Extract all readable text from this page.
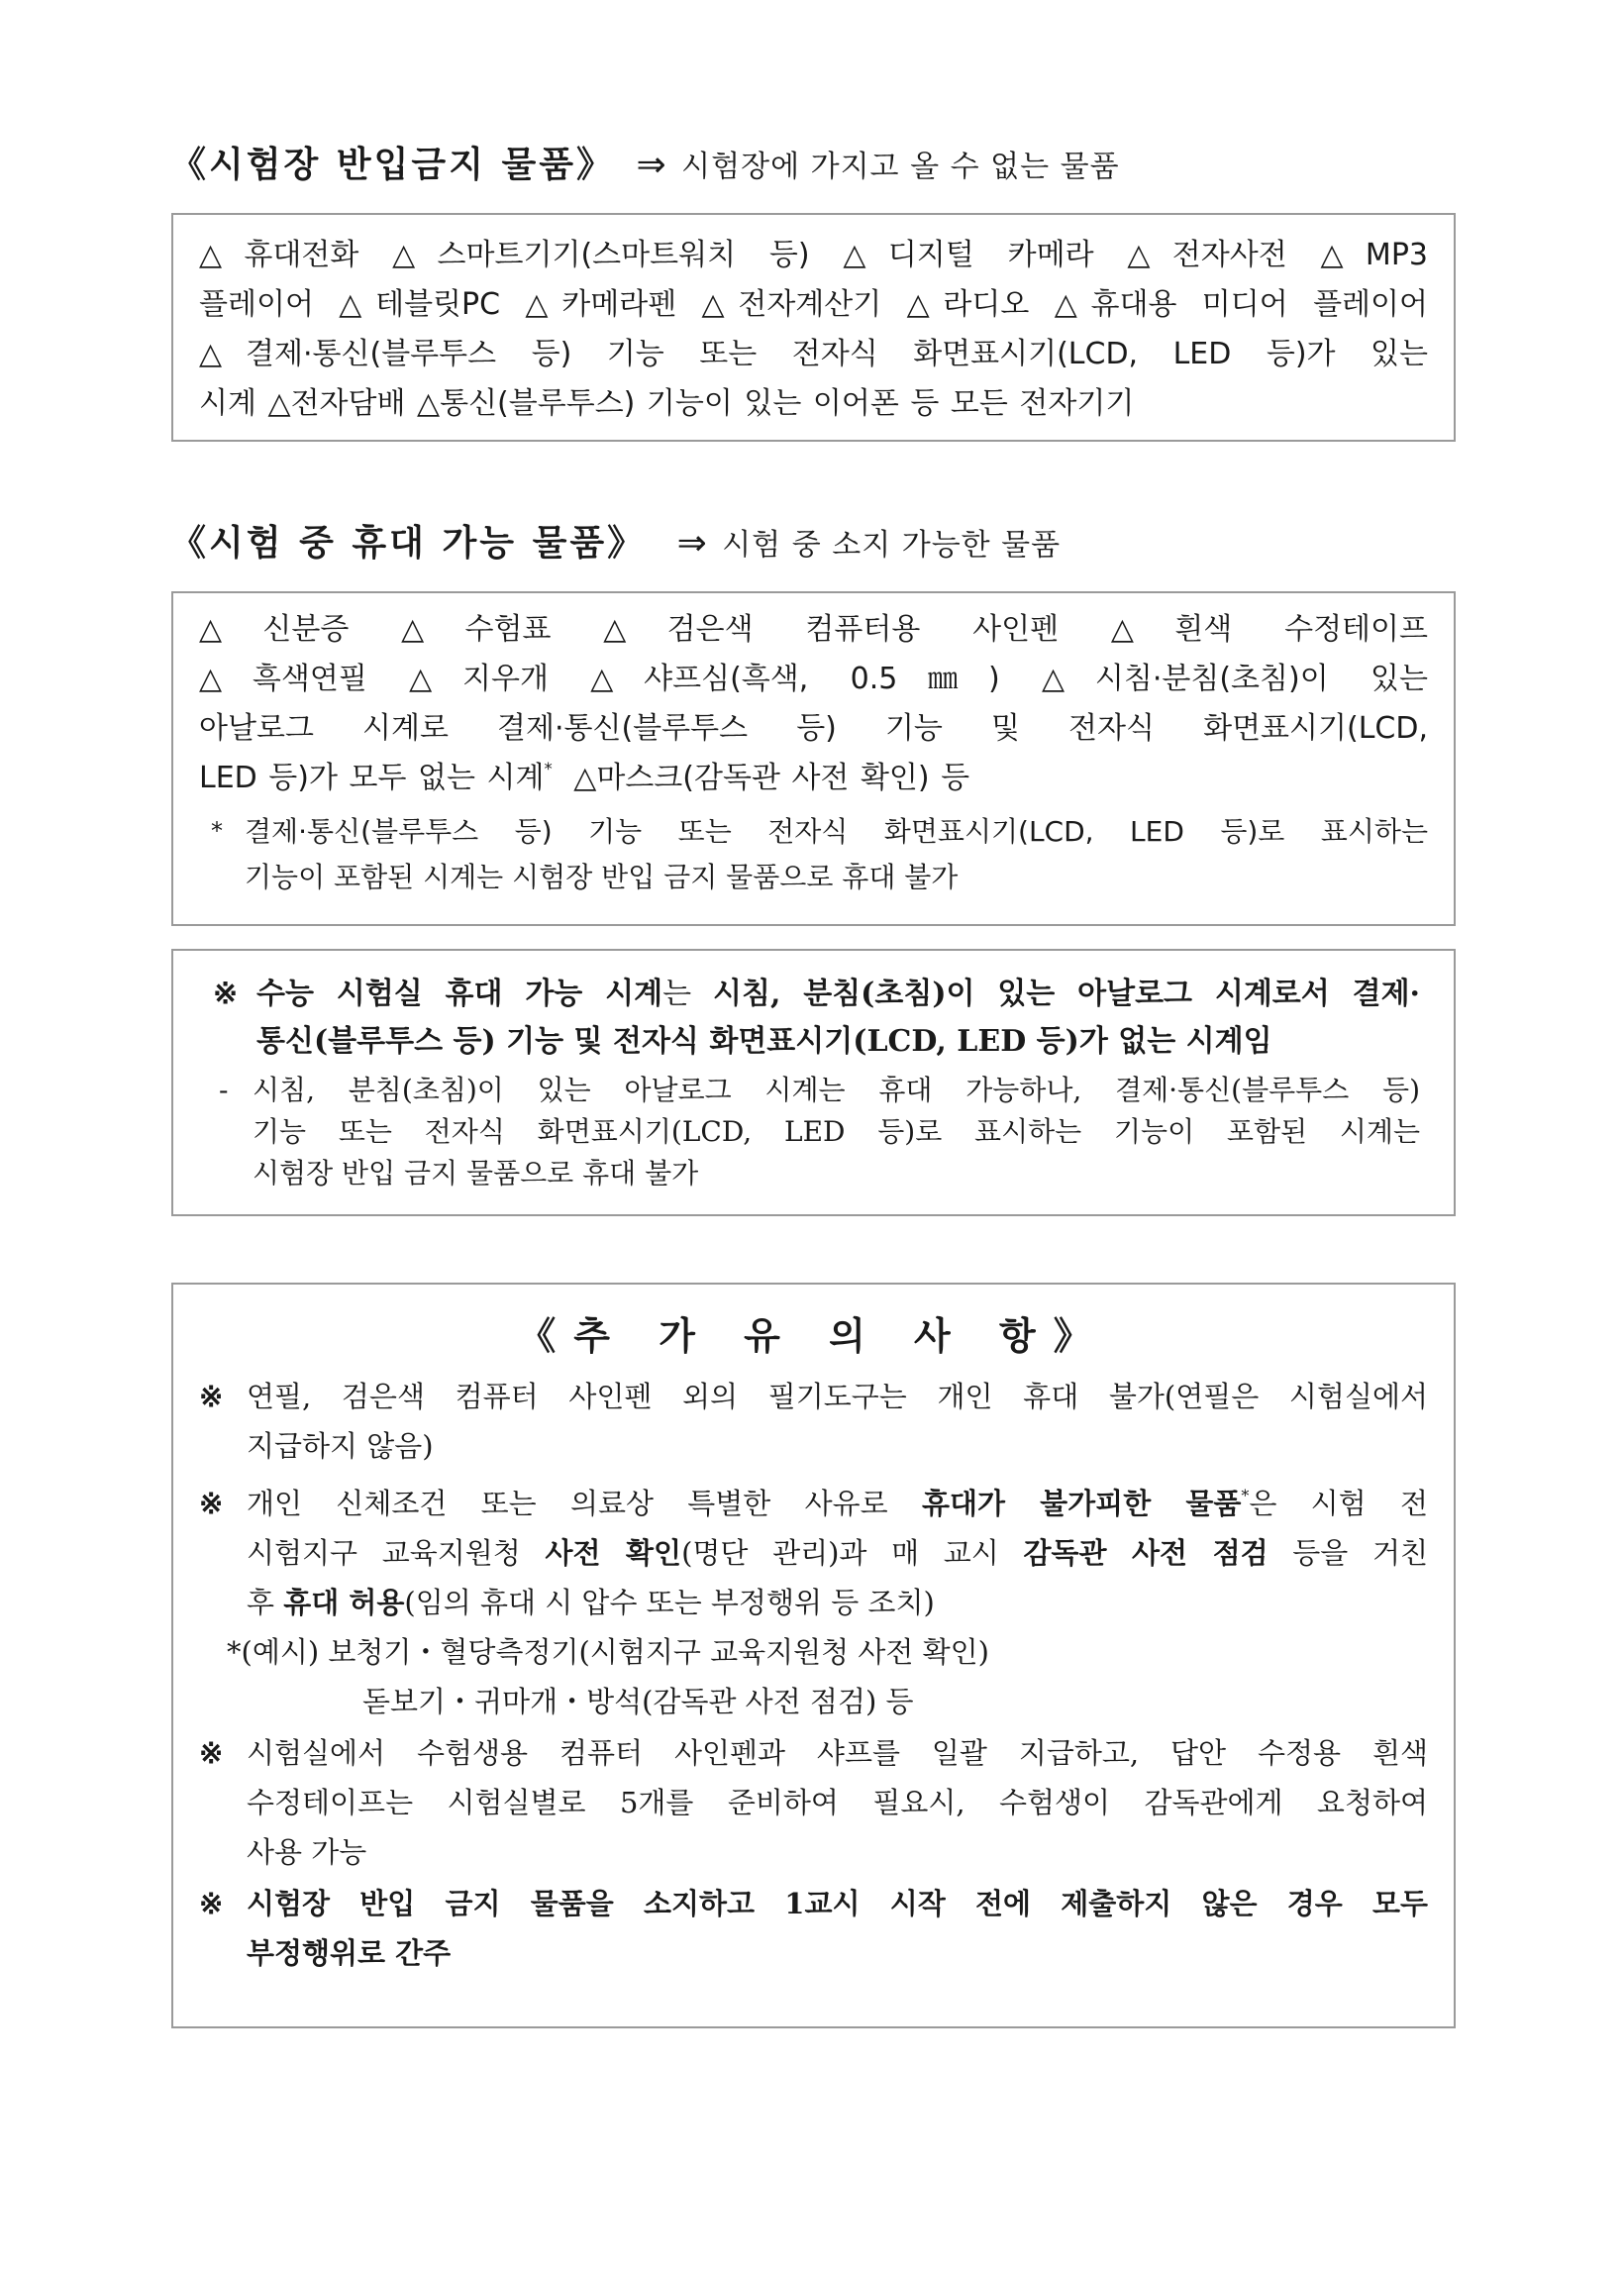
《시험장 반입금지 물품》 ⇒ 시험장에 가지고 올 수 없는 물품
△휴대전화 △스마트기기(스마트워치 등) △디지털 카메라 △전자사전 △MP3
플레이어 △테블릿PC △카메라펜 △전자계산기 △라디오 △휴대용 미디어 플레이어
△결제·통신(블루투스 등) 기능 또는 전자식 화면표시기(LCD, LED 등)가 있는
시계 △전자담배 △통신(블루투스) 기능이 있는 이어폰 등 모든 전자기기
《시험 중 휴대 가능 물품》 ⇒ 시험 중 소지 가능한 물품
△신분증 △수험표 △검은색 컴퓨터용 사인펜 △흰색 수정테이프
△흑색연필 △지우개 △샤프심(흑색, 0.5㎜) △시침·분침(초침)이 있는
아날로그 시계로 결제·통신(블루투스 등) 기능 및 전자식 화면표시기(LCD,
LED 등)가 모두 없는 시계* △마스크(감독관 사전 확인) 등
* 결제·통신(블루투스 등) 기능 또는 전자식 화면표시기(LCD, LED 등)로 표시하는
기능이 포함된 시계는 시험장 반입 금지 물품으로 휴대 불가
※ 수능 시험실 휴대 가능 시계는 시침, 분침(초침)이 있는 아날로그 시계로서 결제·
통신(블루투스 등) 기능 및 전자식 화면표시기(LCD, LED 등)가 없는 시계임
- 시침, 분침(초침)이 있는 아날로그 시계는 휴대 가능하나, 결제·통신(블루투스 등)
기능 또는 전자식 화면표시기(LCD, LED 등)로 표시하는 기능이 포함된 시계는
시험장 반입 금지 물품으로 휴대 불가
《추 가 유 의 사 항》
※ 연필, 검은색 컴퓨터 사인펜 외의 필기도구는 개인 휴대 불가(연필은 시험실에서
지급하지 않음)
※ 개인 신체조건 또는 의료상 특별한 사유로 휴대가 불가피한 물품*은 시험 전
시험지구 교육지원청 사전 확인(명단 관리)과 매 교시 감독관 사전 점검 등을 거친
후 휴대 허용(임의 휴대 시 압수 또는 부정행위 등 조치)
*(예시) 보청기・혈당측정기(시험지구 교육지원청 사전 확인)
돋보기・귀마개・방석(감독관 사전 점검) 등
※ 시험실에서 수험생용 컴퓨터 사인펜과 샤프를 일괄 지급하고, 답안 수정용 흰색
수정테이프는 시험실별로 5개를 준비하여 필요시, 수험생이 감독관에게 요청하여
사용 가능
※ 시험장 반입 금지 물품을 소지하고 1교시 시작 전에 제출하지 않은 경우 모두
부정행위로 간주
